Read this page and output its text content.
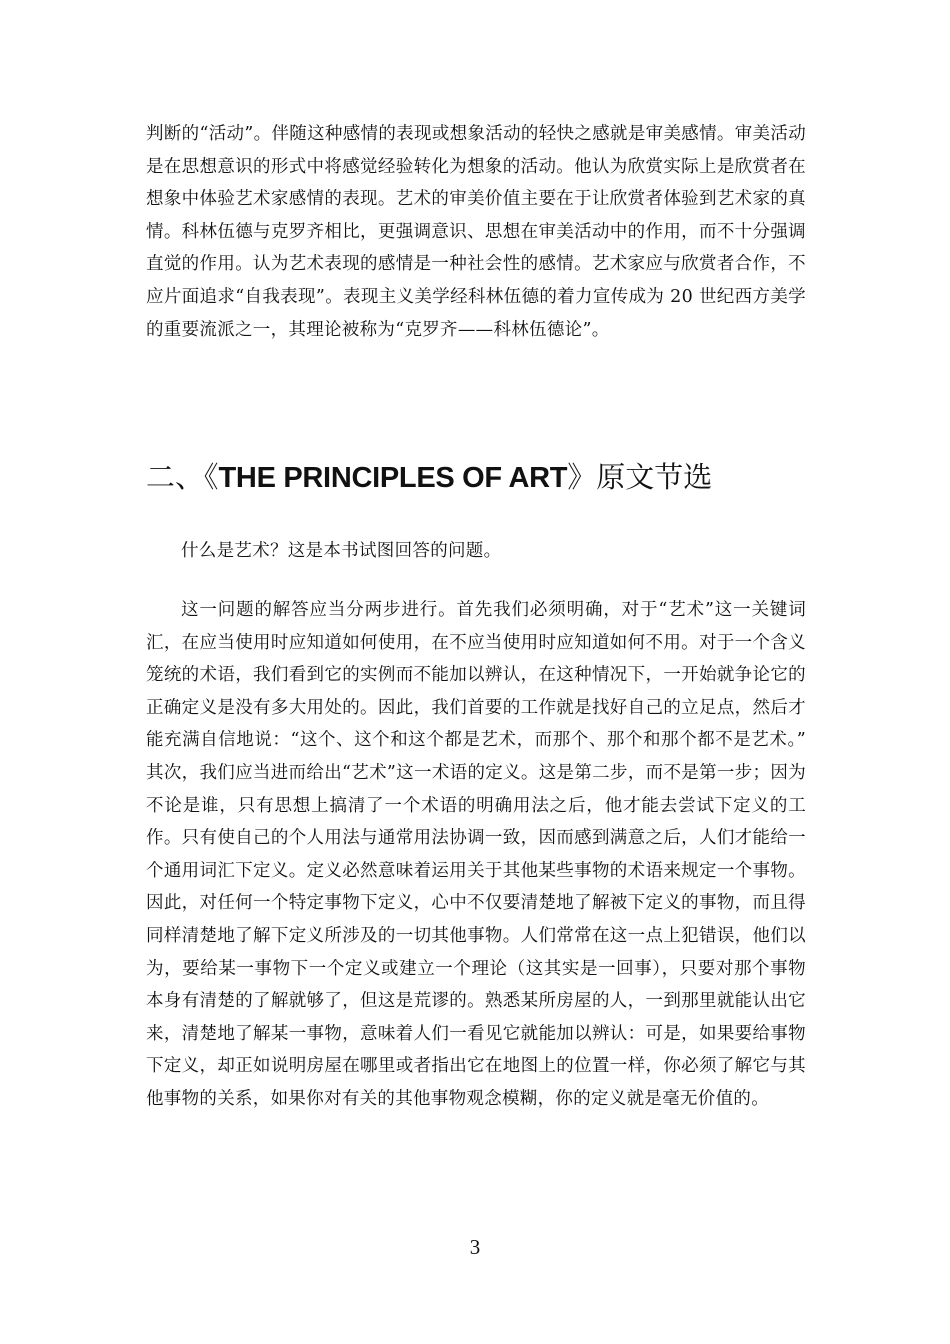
判断的“活动”。伴随这种感情的表现或想象活动的轻快之感就是审美感情。审美活动是在思想意识的形式中将感觉经验转化为想象的活动。他认为欣赏实际上是欣赏者在想象中体验艺术家感情的表现。艺术的审美价值主要在于让欣赏者体验到艺术家的真情。科林伍德与克罗齐相比，更强调意识、思想在审美活动中的作用，而不十分强调直觉的作用。认为艺术表现的感情是一种社会性的感情。艺术家应与欣赏者合作，不应片面追求“自我表现”。表现主义美学经科林伍德的着力宣传成为 20 世纪西方美学的重要流派之一，其理论被称为“克罗齐——科林伍德论”。

二、《THE PRINCIPLES OF ART》原文节选

什么是艺术？这是本书试图回答的问题。

这一问题的解答应当分两步进行。首先我们必须明确，对于“艺术”这一关键词汇，在应当使用时应知道如何使用，在不应当使用时应知道如何不用。对于一个含义笼统的术语，我们看到它的实例而不能加以辨认，在这种情况下，一开始就争论它的正确定义是没有多大用处的。因此，我们首要的工作就是找好自己的立足点，然后才能充满自信地说：“这个、这个和这个都是艺术，而那个、那个和那个都不是艺术。” 其次，我们应当进而给出“艺术”这一术语的定义。这是第二步，而不是第一步；因为不论是谁，只有思想上搞清了一个术语的明确用法之后，他才能去尝试下定义的工作。只有使自己的个人用法与通常用法协调一致，因而感到满意之后，人们才能给一个通用词汇下定义。定义必然意味着运用关于其他某些事物的术语来规定一个事物。因此，对任何一个特定事物下定义，心中不仅要清楚地了解被下定义的事物，而且得同样清楚地了解下定义所涉及的一切其他事物。人们常常在这一点上犯错误，他们以为，要给某一事物下一个定义或建立一个理论（这其实是一回事），只要对那个事物本身有清楚的了解就够了，但这是荒谬的。熟悉某所房屋的人，一到那里就能认出它来，清楚地了解某一事物，意味着人们一看见它就能加以辨认：可是，如果要给事物下定义，却正如说明房屋在哪里或者指出它在地图上的位置一样，你必须了解它与其他事物的关系，如果你对有关的其他事物观念模糊，你的定义就是毫无价值的。

3
